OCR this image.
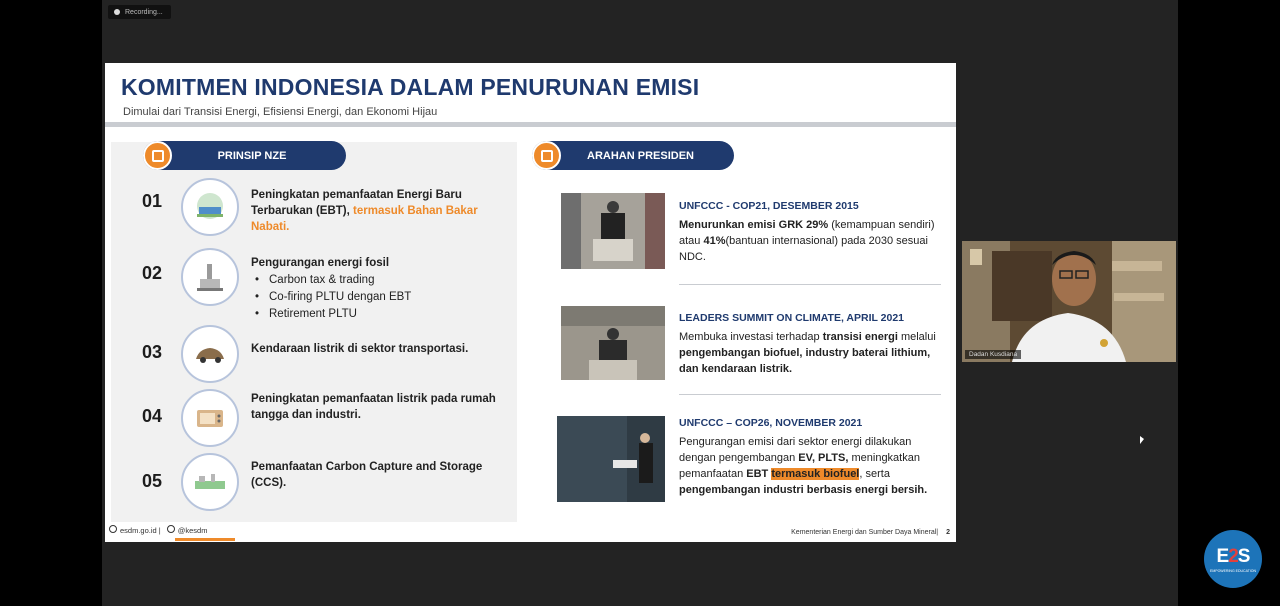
Recording...
KOMITMEN INDONESIA DALAM PENURUNAN EMISI
Dimulai dari Transisi Energi, Efisiensi Energi, dan Ekonomi Hijau
PRINSIP NZE	ARAHAN PRESIDEN
01	Peningkatan pemanfaatan Energi Baru Terbarukan (EBT), termasuk Bahan Bakar Nabati.
02	Pengurangan energi fosil
• Carbon tax & trading
• Co-firing PLTU dengan EBT
• Retirement PLTU
03	Kendaraan listrik di sektor transportasi.
04
Peningkatan pemanfaatan listrik pada rumah tangga dan industri.
05
Pemanfaatan Carbon Capture and Storage (CCS).
UNFCCC - COP21, DESEMBER 2015
Menurunkan emisi GRK 29% (kemampuan sendiri) atau 41%(bantuan internasional) pada 2030 sesuai NDC.
LEADERS SUMMIT ON CLIMATE, APRIL 2021
Membuka investasi terhadap transisi energi melalui pengembangan biofuel, industry baterai lithium, dan kendaraan listrik.
UNFCCC – COP26, NOVEMBER 2021
Pengurangan emisi dari sektor energi dilakukan dengan pengembangan EV, PLTS, meningkatkan pemanfaatan EBT termasuk biofuel, serta pengembangan industri berbasis energi bersih.
esdm.go.id |	@kesdm	Kementerian Energi dan Sumber Daya Mineral| 2
Dadan Kusdiana
E2S
EMPOWERING EDUCATION
